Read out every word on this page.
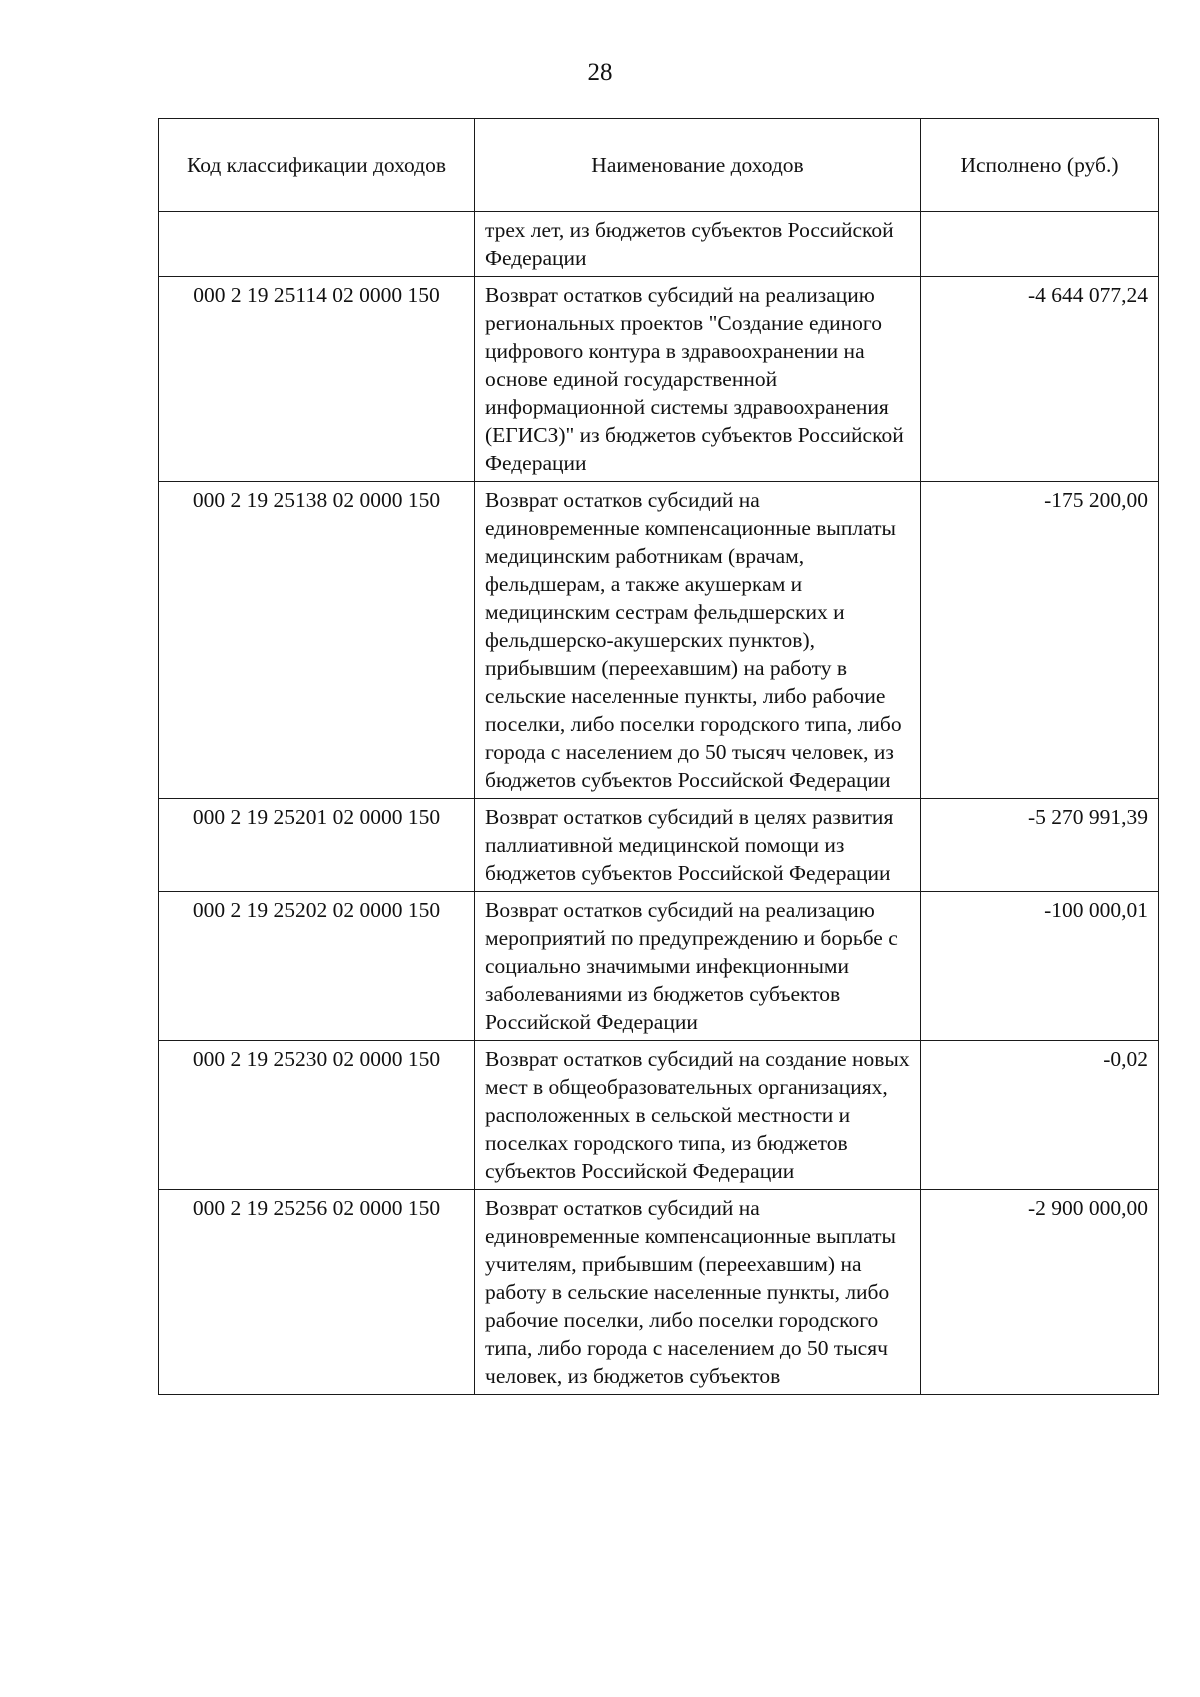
28
Код классификации доходов	Наименование доходов	Исполнено (руб.)
	трех лет, из бюджетов субъектов Российской Федерации	
000 2 19 25114 02 0000 150	Возврат остатков субсидий на реализацию региональных проектов "Создание единого цифрового контура в здравоохранении на основе единой государственной информационной системы здравоохранения (ЕГИСЗ)" из бюджетов субъектов Российской Федерации	-4 644 077,24
000 2 19 25138 02 0000 150	Возврат остатков субсидий на единовременные компенсационные выплаты медицинским работникам (врачам, фельдшерам, а также акушеркам и медицинским сестрам фельдшерских и фельдшерско-акушерских пунктов), прибывшим (переехавшим) на работу в сельские населенные пункты, либо рабочие поселки, либо поселки городского типа, либо города с населением до 50 тысяч человек, из бюджетов субъектов Российской Федерации	-175 200,00
000 2 19 25201 02 0000 150	Возврат остатков субсидий в целях развития паллиативной медицинской помощи из бюджетов субъектов Российской Федерации	-5 270 991,39
000 2 19 25202 02 0000 150	Возврат остатков субсидий на реализацию мероприятий по предупреждению и борьбе с социально значимыми инфекционными заболеваниями из бюджетов субъектов Российской Федерации	-100 000,01
000 2 19 25230 02 0000 150	Возврат остатков субсидий на создание новых мест в общеобразовательных организациях, расположенных в сельской местности и поселках городского типа, из бюджетов субъектов Российской Федерации	-0,02
000 2 19 25256 02 0000 150	Возврат остатков субсидий на единовременные компенсационные выплаты учителям, прибывшим (переехавшим) на работу в сельские населенные пункты, либо рабочие поселки, либо поселки городского типа, либо города с населением до 50 тысяч человек, из бюджетов субъектов	-2 900 000,00
